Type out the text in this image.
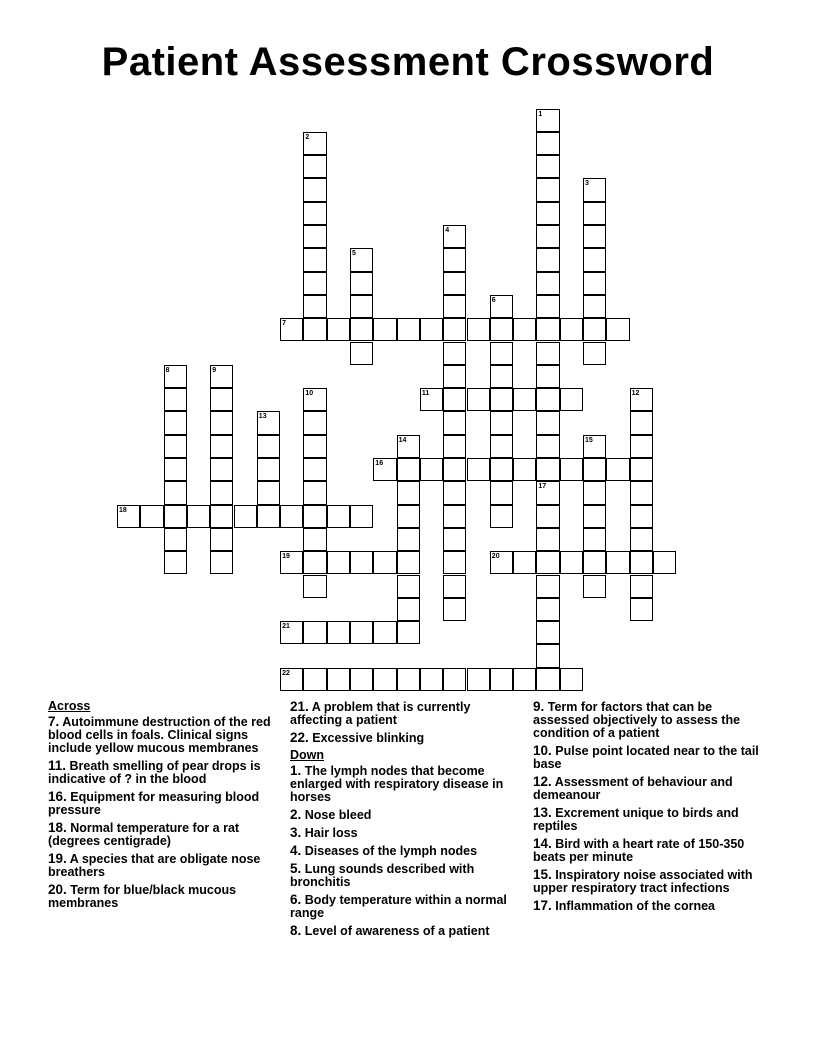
Patient Assessment Crossword
1
2
3
4
5
6
7
8	9
10	11	12
13
14	15
16
17
18
19	20
21
22
Across
7. Autoimmune destruction of the red blood cells in foals. Clinical signs include yellow mucous membranes
11. Breath smelling of pear drops is indicative of ? in the blood
16. Equipment for measuring blood pressure
18. Normal temperature for a rat (degrees centigrade)
19. A species that are obligate nose breathers
20. Term for blue/black mucous membranes
21. A problem that is currently affecting a patient
22. Excessive blinking
Down
1. The lymph nodes that become enlarged with respiratory disease in horses
2. Nose bleed
3. Hair loss
4. Diseases of the lymph nodes
5. Lung sounds described with bronchitis
6. Body temperature within a normal range
8. Level of awareness of a patient
9. Term for factors that can be assessed objectively to assess the condition of a patient
10. Pulse point located near to the tail base
12. Assessment of behaviour and demeanour
13. Excrement unique to birds and reptiles
14. Bird with a heart rate of 150-350 beats per minute
15. Inspiratory noise associated with upper respiratory tract infections
17. Inflammation of the cornea
